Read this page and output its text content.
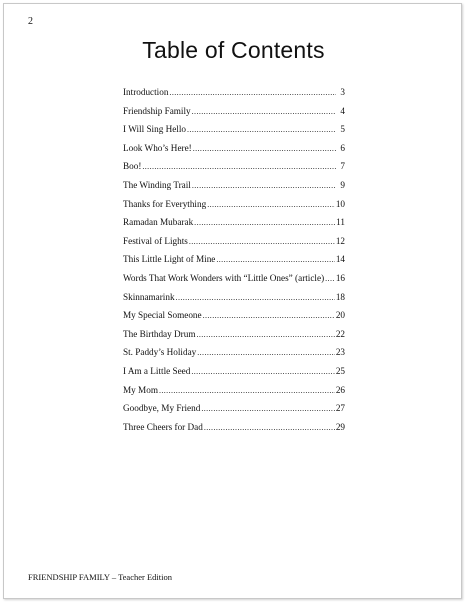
2
Table of Contents
Introduction .....	3
Friendship Family .....	4
I Will Sing Hello .....	5
Look Who’s Here! .....	6
Boo! .....	7
The Winding Trail .....	9
Thanks for Everything .....	10
Ramadan Mubarak .....	11
Festival of Lights .....	12
This Little Light of Mine .....	14
Words That Work Wonders with “Little Ones” (article) ..... 16
Skinnamarink .....	18
My Special Someone .....	20
The Birthday Drum .....	22
St. Paddy’s Holiday .....	23
I Am a Little Seed .....	25
My Mom .....	26
Goodbye, My Friend .....	27
Three Cheers for Dad .....	29
FRIENDSHIP FAMILY – Teacher Edition
